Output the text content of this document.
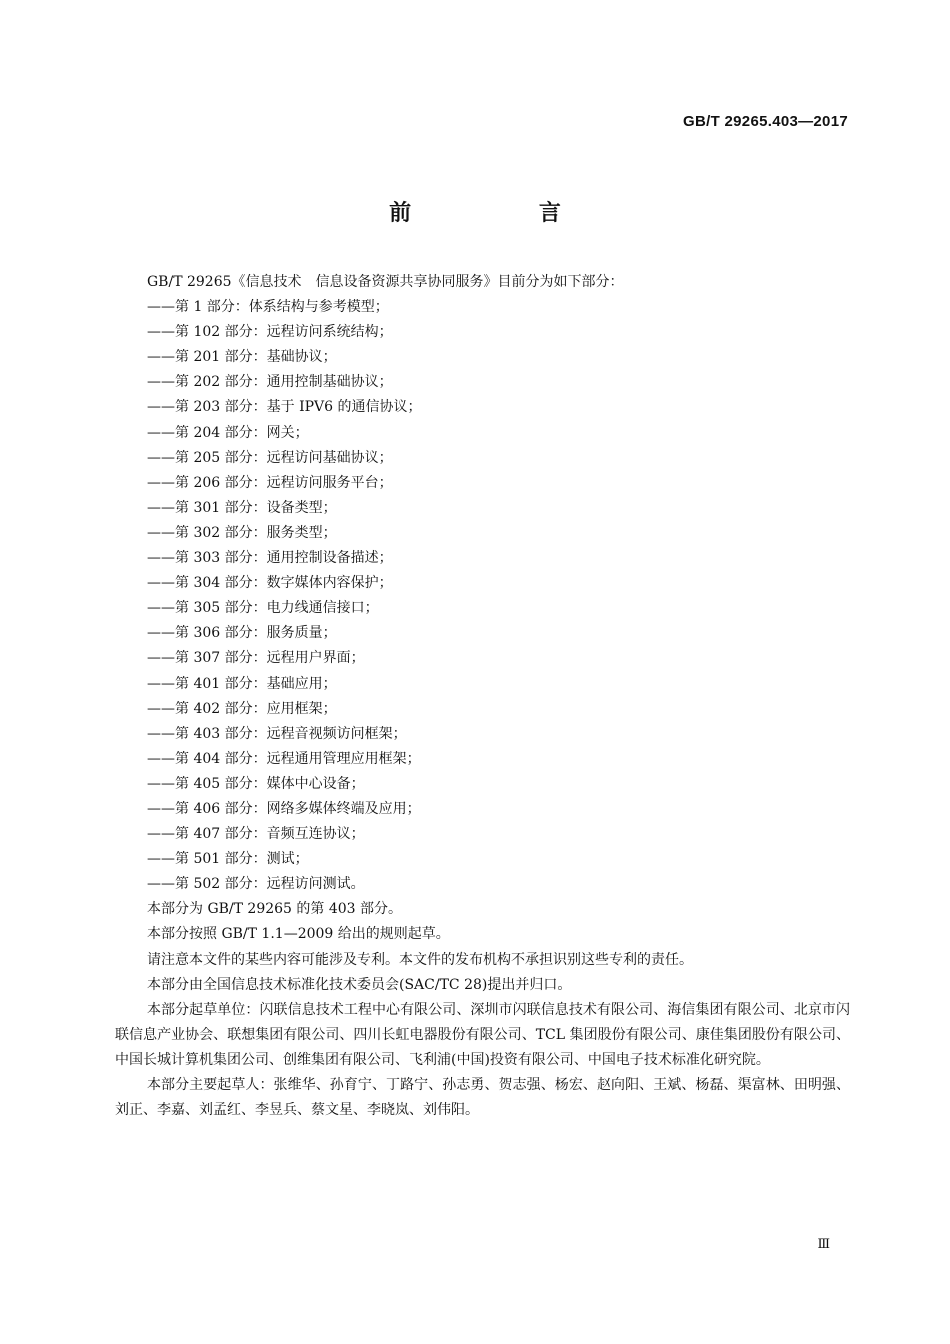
GB/T 29265.403—2017
前 言
GB/T 29265《信息技术　信息设备资源共享协同服务》目前分为如下部分：
——第 1 部分：体系结构与参考模型；
——第 102 部分：远程访问系统结构；
——第 201 部分：基础协议；
——第 202 部分：通用控制基础协议；
——第 203 部分：基于 IPV6 的通信协议；
——第 204 部分：网关；
——第 205 部分：远程访问基础协议；
——第 206 部分：远程访问服务平台；
——第 301 部分：设备类型；
——第 302 部分：服务类型；
——第 303 部分：通用控制设备描述；
——第 304 部分：数字媒体内容保护；
——第 305 部分：电力线通信接口；
——第 306 部分：服务质量；
——第 307 部分：远程用户界面；
——第 401 部分：基础应用；
——第 402 部分：应用框架；
——第 403 部分：远程音视频访问框架；
——第 404 部分：远程通用管理应用框架；
——第 405 部分：媒体中心设备；
——第 406 部分：网络多媒体终端及应用；
——第 407 部分：音频互连协议；
——第 501 部分：测试；
——第 502 部分：远程访问测试。
本部分为 GB/T 29265 的第 403 部分。
本部分按照 GB/T 1.1—2009 给出的规则起草。
请注意本文件的某些内容可能涉及专利。本文件的发布机构不承担识别这些专利的责任。
本部分由全国信息技术标准化技术委员会(SAC/TC 28)提出并归口。
本部分起草单位：闪联信息技术工程中心有限公司、深圳市闪联信息技术有限公司、海信集团有限公司、北京市闪联信息产业协会、联想集团有限公司、四川长虹电器股份有限公司、TCL 集团股份有限公司、康佳集团股份有限公司、中国长城计算机集团公司、创维集团有限公司、飞利浦(中国)投资有限公司、中国电子技术标准化研究院。
本部分主要起草人：张维华、孙育宁、丁路宁、孙志勇、贺志强、杨宏、赵向阳、王斌、杨磊、渠富林、田明强、刘正、李嘉、刘孟红、李昱兵、蔡文星、李晓岚、刘伟阳。
Ⅲ
